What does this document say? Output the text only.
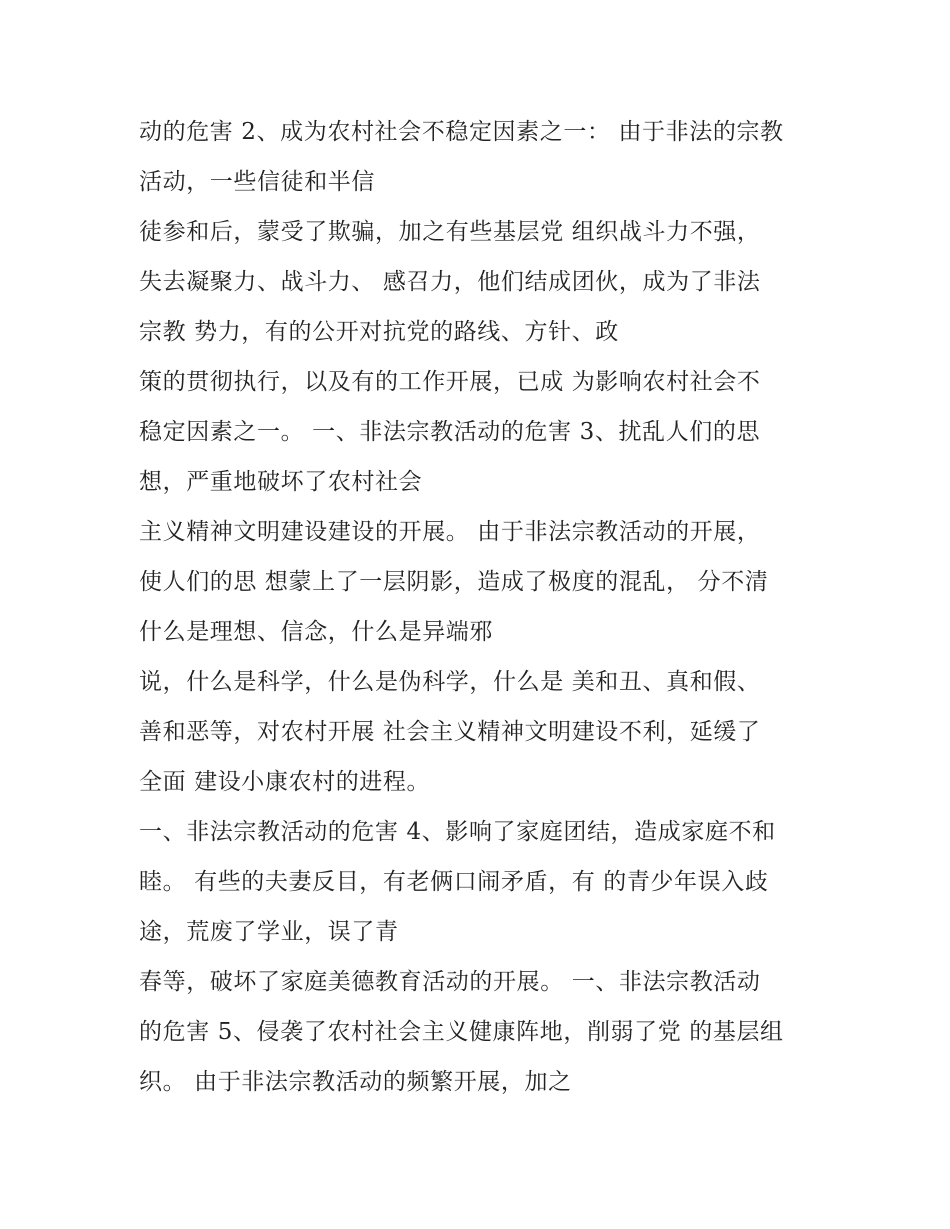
动的危害 2、成为农村社会不稳定因素之一： 由于非法的宗教
活动，一些信徒和半信
徒参和后，蒙受了欺骗，加之有些基层党 组织战斗力不强，
失去凝聚力、战斗力、 感召力，他们结成团伙，成为了非法
宗教 势力，有的公开对抗党的路线、方针、政
策的贯彻执行，以及有的工作开展，已成 为影响农村社会不
稳定因素之一。 一、非法宗教活动的危害 3、扰乱人们的思
想，严重地破坏了农村社会
主义精神文明建设建设的开展。 由于非法宗教活动的开展，
使人们的思 想蒙上了一层阴影，造成了极度的混乱， 分不清
什么是理想、信念，什么是异端邪
说，什么是科学，什么是伪科学，什么是 美和丑、真和假、
善和恶等，对农村开展 社会主义精神文明建设不利，延缓了
全面 建设小康农村的进程。
一、非法宗教活动的危害 4、影响了家庭团结，造成家庭不和
睦。 有些的夫妻反目，有老俩口闹矛盾，有 的青少年误入歧
途，荒废了学业，误了青
春等，破坏了家庭美德教育活动的开展。 一、非法宗教活动
的危害 5、侵袭了农村社会主义健康阵地，削弱了党 的基层组
织。 由于非法宗教活动的频繁开展，加之
